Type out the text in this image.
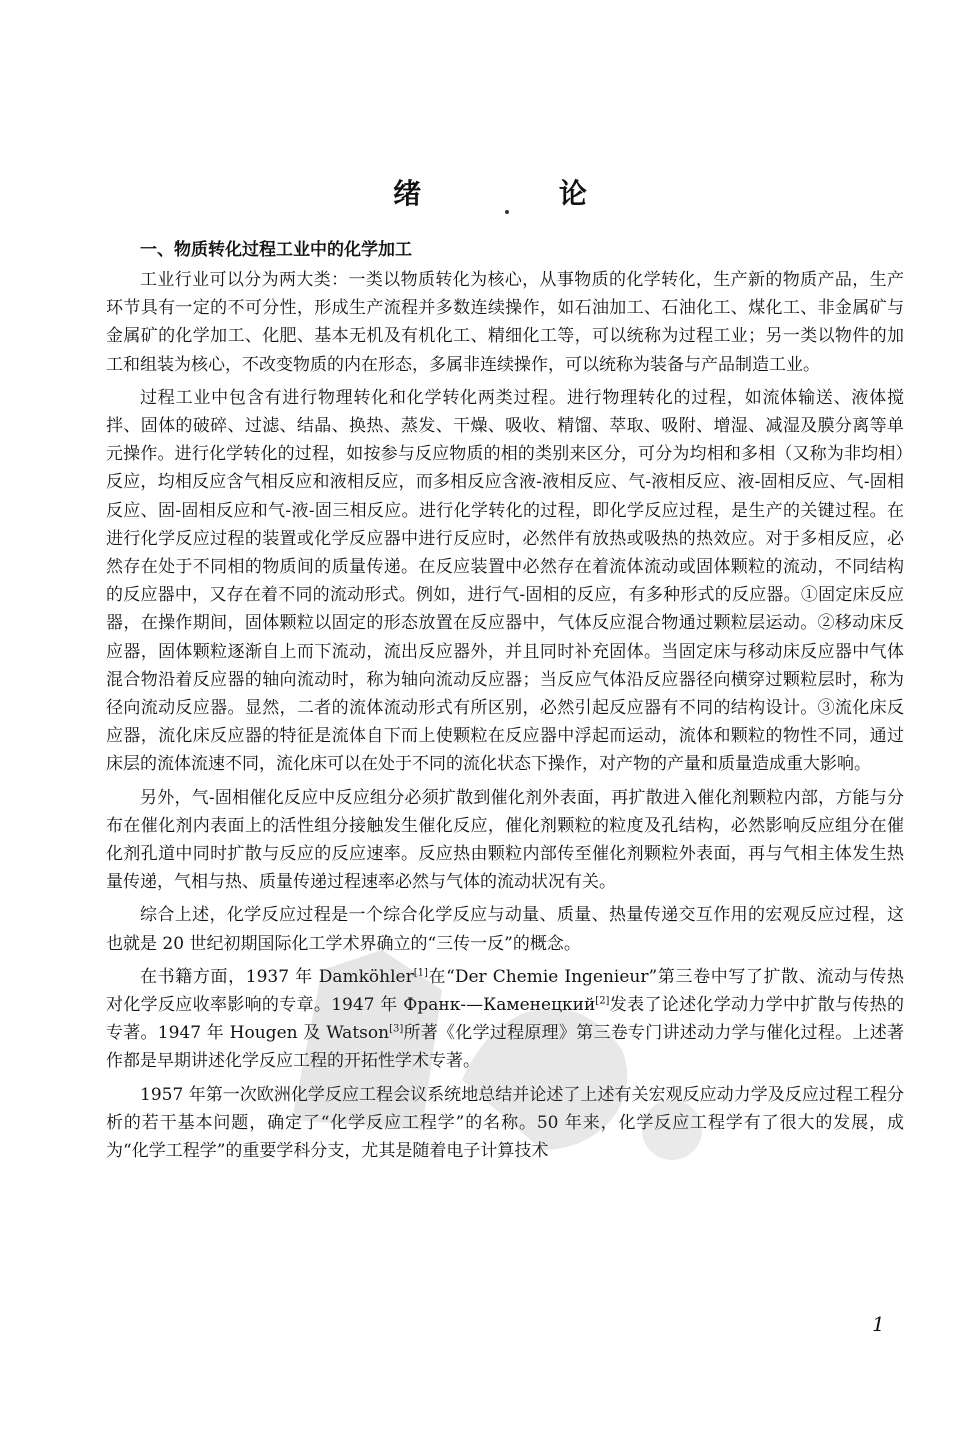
绪 论
一、物质转化过程工业中的化学加工

工业行业可以分为两大类：一类以物质转化为核心，从事物质的化学转化，生产新的物质产品，生产环节具有一定的不可分性，形成生产流程并多数连续操作，如石油加工、石油化工、煤化工、非金属矿与金属矿的化学加工、化肥、基本无机及有机化工、精细化工等，可以统称为过程工业；另一类以物件的加工和组装为核心，不改变物质的内在形态，多属非连续操作，可以统称为装备与产品制造工业。

过程工业中包含有进行物理转化和化学转化两类过程。进行物理转化的过程，如流体输送、液体搅拌、固体的破碎、过滤、结晶、换热、蒸发、干燥、吸收、精馏、萃取、吸附、增湿、减湿及膜分离等单元操作。进行化学转化的过程，如按参与反应物质的相的类别来区分，可分为均相和多相（又称为非均相）反应，均相反应含气相反应和液相反应，而多相反应含液-液相反应、气-液相反应、液-固相反应、气-固相反应、固-固相反应和气-液-固三相反应。进行化学转化的过程，即化学反应过程，是生产的关键过程。在进行化学反应过程的装置或化学反应器中进行反应时，必然伴有放热或吸热的热效应。对于多相反应，必然存在处于不同相的物质间的质量传递。在反应装置中必然存在着流体流动或固体颗粒的流动，不同结构的反应器中，又存在着不同的流动形式。例如，进行气-固相的反应，有多种形式的反应器。①固定床反应器，在操作期间，固体颗粒以固定的形态放置在反应器中，气体反应混合物通过颗粒层运动。②移动床反应器，固体颗粒逐渐自上而下流动，流出反应器外，并且同时补充固体。当固定床与移动床反应器中气体混合物沿着反应器的轴向流动时，称为轴向流动反应器；当反应气体沿反应器径向横穿过颗粒层时，称为径向流动反应器。显然，二者的流体流动形式有所区别，必然引起反应器有不同的结构设计。③流化床反应器，流化床反应器的特征是流体自下而上使颗粒在反应器中浮起而运动，流体和颗粒的物性不同，通过床层的流体流速不同，流化床可以在处于不同的流化状态下操作，对产物的产量和质量造成重大影响。

另外，气-固相催化反应中反应组分必须扩散到催化剂外表面，再扩散进入催化剂颗粒内部，方能与分布在催化剂内表面上的活性组分接触发生催化反应，催化剂颗粒的粒度及孔结构，必然影响反应组分在催化剂孔道中同时扩散与反应的反应速率。反应热由颗粒内部传至催化剂颗粒外表面，再与气相主体发生热量传递，气相与热、质量传递过程速率必然与气体的流动状况有关。

综合上述，化学反应过程是一个综合化学反应与动量、质量、热量传递交互作用的宏观反应过程，这也就是 20 世纪初期国际化工学术界确立的“三传一反”的概念。

在书籍方面，1937 年 Damköhler[1]在“Der Chemie Ingenieur”第三卷中写了扩散、流动与传热对化学反应收率影响的专章。1947 年 Франк-—Каменецкий[2]发表了论述化学动力学中扩散与传热的专著。1947 年 Hougen 及 Watson[3]所著《化学过程原理》第三卷专门讲述动力学与催化过程。上述著作都是早期讲述化学反应工程的开拓性学术专著。

1957 年第一次欧洲化学反应工程会议系统地总结并论述了上述有关宏观反应动力学及反应过程工程分析的若干基本问题，确定了“化学反应工程学”的名称。50 年来，化学反应工程学有了很大的发展，成为“化学工程学”的重要学科分支，尤其是随着电子计算技术

1
